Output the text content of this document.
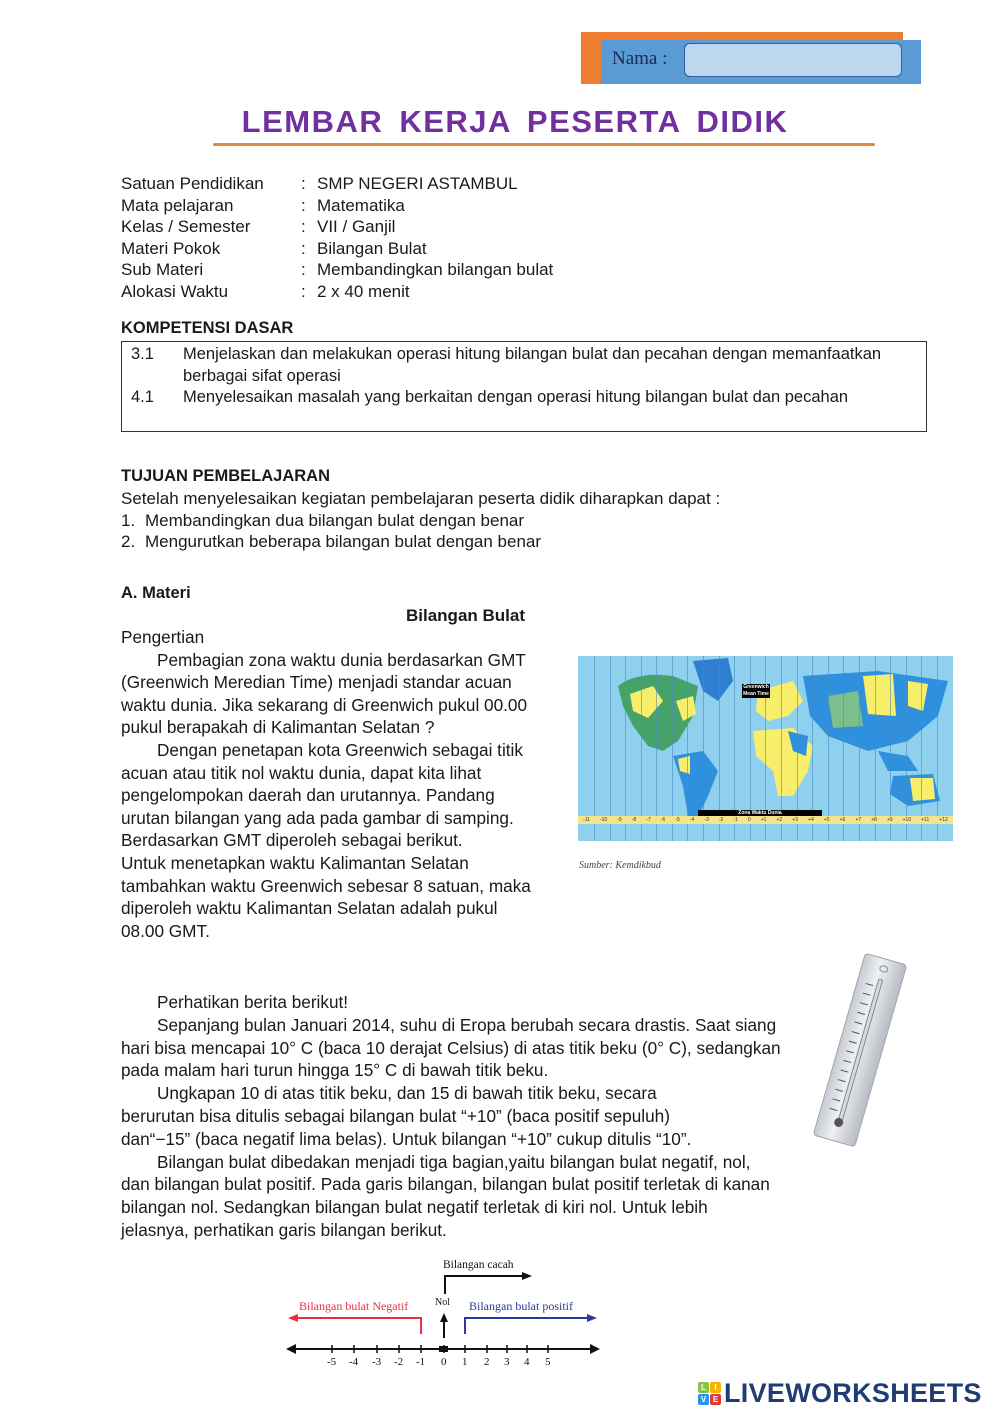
Nama :
LEMBAR KERJA PESERTA DIDIK
Satuan Pendidikan	: SMP NEGERI ASTAMBUL
Mata pelajaran	: Matematika
Kelas / Semester	: VII / Ganjil
Materi Pokok	: Bilangan Bulat
Sub Materi	: Membandingkan bilangan bulat
Alokasi Waktu	: 2 x 40 menit
KOMPETENSI DASAR
3.1	Menjelaskan dan melakukan operasi hitung bilangan bulat dan pecahan dengan memanfaatkan berbagai sifat operasi
4.1	Menyelesaikan masalah yang berkaitan dengan operasi hitung bilangan bulat dan pecahan
TUJUAN PEMBELAJARAN
Setelah menyelesaikan kegiatan pembelajaran peserta didik diharapkan dapat :
1. Membandingkan dua bilangan bulat dengan benar
2. Mengurutkan beberapa bilangan bulat dengan benar
A. Materi
Bilangan Bulat
Pengertian
Pembagian zona waktu dunia berdasarkan GMT (Greenwich Meredian Time) menjadi standar acuan waktu dunia. Jika sekarang di Greenwich pukul 00.00 pukul berapakah di Kalimantan Selatan ?
Dengan penetapan kota Greenwich sebagai titik acuan atau titik nol waktu dunia, dapat kita lihat pengelompokan daerah dan urutannya. Pandang urutan bilangan yang ada pada gambar di samping. Berdasarkan GMT diperoleh sebagai berikut.
Untuk menetapkan waktu Kalimantan Selatan tambahkan waktu Greenwich sebesar 8 satuan, maka diperoleh waktu Kalimantan Selatan adalah pukul 08.00 GMT.
Perhatikan berita berikut!
Sepanjang bulan Januari 2014, suhu di Eropa berubah secara drastis. Saat siang hari bisa mencapai 10° C (baca 10 derajat Celsius) di atas titik beku (0° C), sedangkan pada malam hari turun hingga 15° C di bawah titik beku.
Ungkapan 10 di atas titik beku, dan 15 di bawah titik beku, secara berurutan bisa ditulis sebagai bilangan bulat “+10” (baca positif sepuluh) dan“−15” (baca negatif lima belas). Untuk bilangan “+10” cukup ditulis “10”.
Bilangan bulat dibedakan menjadi tiga bagian,yaitu bilangan bulat negatif, nol, dan bilangan bulat positif. Pada garis bilangan, bilangan bulat positif terletak di kanan bilangan nol. Sedangkan bilangan bulat negatif terletak di kiri nol. Untuk lebih jelasnya, perhatikan garis bilangan berikut.
Greenwich
Mean Time
Zona Waktu Dunia
-11 -10 -9 -8 -7 -6 -5 -4 -3 -2 -1 0 +1 +2 +3 +4 +5 +6 +7 +8 +9 +10 +11 +12
Sumber: Kemdikbud
Bilangan cacah
Nol
Bilangan bulat Negatif	Bilangan bulat positif
-5 -4 -3 -2 -1 0 1 2 3 4 5
L	I
V E LIVEWORKSHEETS
